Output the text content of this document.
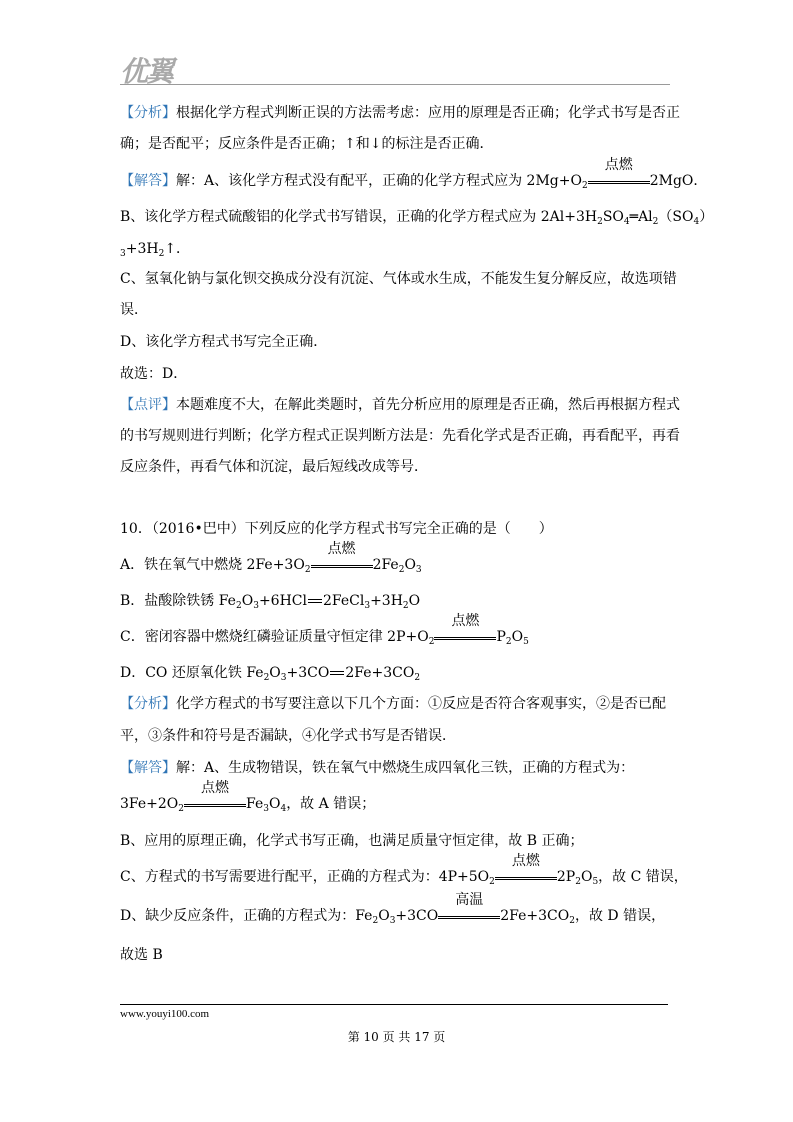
优翼
【分析】根据化学方程式判断正误的方法需考虑：应用的原理是否正确；化学式书写是否正
确；是否配平；反应条件是否正确；↑和↓的标注是否正确．
【解答】解：A、该化学方程式没有配平，正确的化学方程式应为 $2Mg+O_2$
点燃
2MgO．
B、该化学方程式硫酸铝的化学式书写错误，正确的化学方程式应为 $2Al+3H_2SO_4═Al_2(SO_4)$
$_3+3H_2↑$．
C、氢氧化钠与氯化钡交换成分没有沉淀、气体或水生成，不能发生复分解反应，故选项错
误．
D、该化学方程式书写完全正确．
故选：D．
【点评】本题难度不大，在解此类题时，首先分析应用的原理是否正确，然后再根据方程式
的书写规则进行判断；化学方程式正误判断方法是：先看化学式是否正确，再看配平，再看
反应条件，再看气体和沉淀，最后短线改成等号．
10．（2016•巴中）下列反应的化学方程式书写完全正确的是（　　）
A．铁在氧气中燃烧 $2Fe+3O_2$
点燃
$2Fe_2O_3$
B．盐酸除铁锈 $Fe_2O_3+6HCl$ $2FeCl_3+3H_2O$
C．密闭容器中燃烧红磷验证质量守恒定律 $2P+O_2$
点燃
$P_2O_5$
D．CO 还原氧化铁 $Fe_2O_3+3CO$ $2Fe+3CO_2$
【分析】化学方程式的书写要注意以下几个方面：①反应是否符合客观事实，②是否已配
平，③条件和符号是否漏缺，④化学式书写是否错误．
【解答】解：A、生成物错误，铁在氧气中燃烧生成四氧化三铁，正确的方程式为：
$3Fe+2O_2$
点燃
$Fe_3O_4$，故 A 错误；
B、应用的原理正确，化学式书写正确，也满足质量守恒定律，故 B 正确；
C、方程式的书写需要进行配平，正确的方程式为：$4P+5O_2$
点燃
$2P_2O_5$，故 C 错误，
D、缺少反应条件，正确的方程式为：$Fe_2O_3+3CO$
高温
$2Fe+3CO_2$，故 D 错误，
故选 B
www.youyi100.com
第 10 页 共 17 页
